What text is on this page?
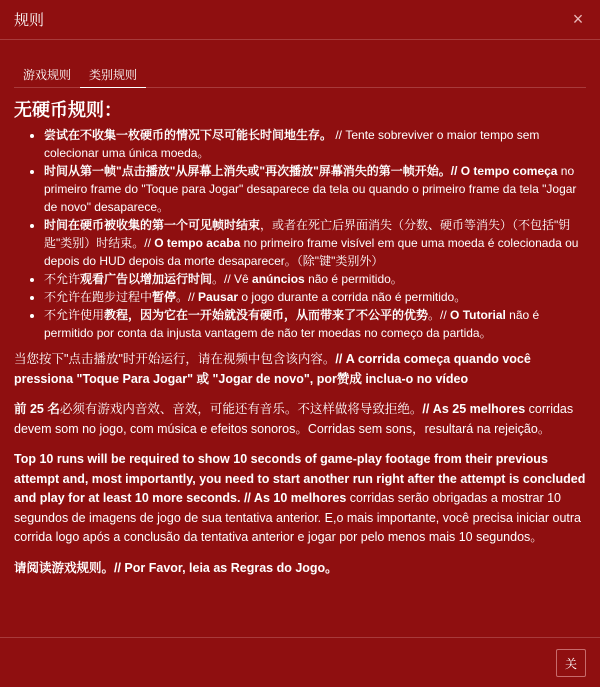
规则	×
游戏规则	类别规则
无硬币规则：
• 尝试在不收集一枚硬币的情况下尽可能长时间地生存。 // Tente sobreviver o maior tempo sem colecionar uma única moeda。
• 时间从第一帧"点击播放"从屏幕上消失或"再次播放"屏幕消失的第一帧开始。// O tempo começa no primeiro frame do "Toque para Jogar" desaparece da tela ou quando o primeiro frame da tela "Jogar de novo" desaparece。
• 时间在硬币被收集的第一个可见帧时结束，或者在死亡后界面消失（分数、硬币等消失）（不包括"钥匙"类别）时结束。// O tempo acaba no primeiro frame visível em que uma moeda é colecionada ou depois do HUD depois da morte desaparecer。（除"键"类别外）
• 不允许观看广告以增加运行时间。// Vê anúncios não é permitido。
• 不允许在跑步过程中暂停。// Pausar o jogo durante a corrida não é permitido。
• 不允许使用教程，因为它在一开始就没有硬币，从而带来了不公平的优势。// O Tutorial não é permitido por conta da injusta vantagem de não ter moedas no começo da partida。

当您按下"点击播放"时开始运行，请在视频中包含该内容。// A corrida começa quando você pressiona "Toque Para Jogar" 或 "Jogar de novo", por赞成 inclua-o no vídeo

前 25 名必须有游戏内音效、音效，可能还有音乐。不这样做将导致拒绝。// As 25 melhores corridas devem som no jogo, com música e efeitos sonoros。Corridas sem sons，resultará na rejeição。

Top 10 runs will be required to show 10 seconds of game-play footage from their previous attempt and, most importantly, you need to start another run right after the attempt is concluded and play for at least 10 more seconds. // As 10 melhores corridas serão obrigadas a mostrar 10 segundos de imagens de jogo de sua tentativa anterior. E,o mais importante, você precisa iniciar outra corrida logo após a conclusão da tentativa anterior e jogar por pelo menos mais 10 segundos。

请阅读游戏规则。// Por Favor, leia as Regras do Jogo。

关
